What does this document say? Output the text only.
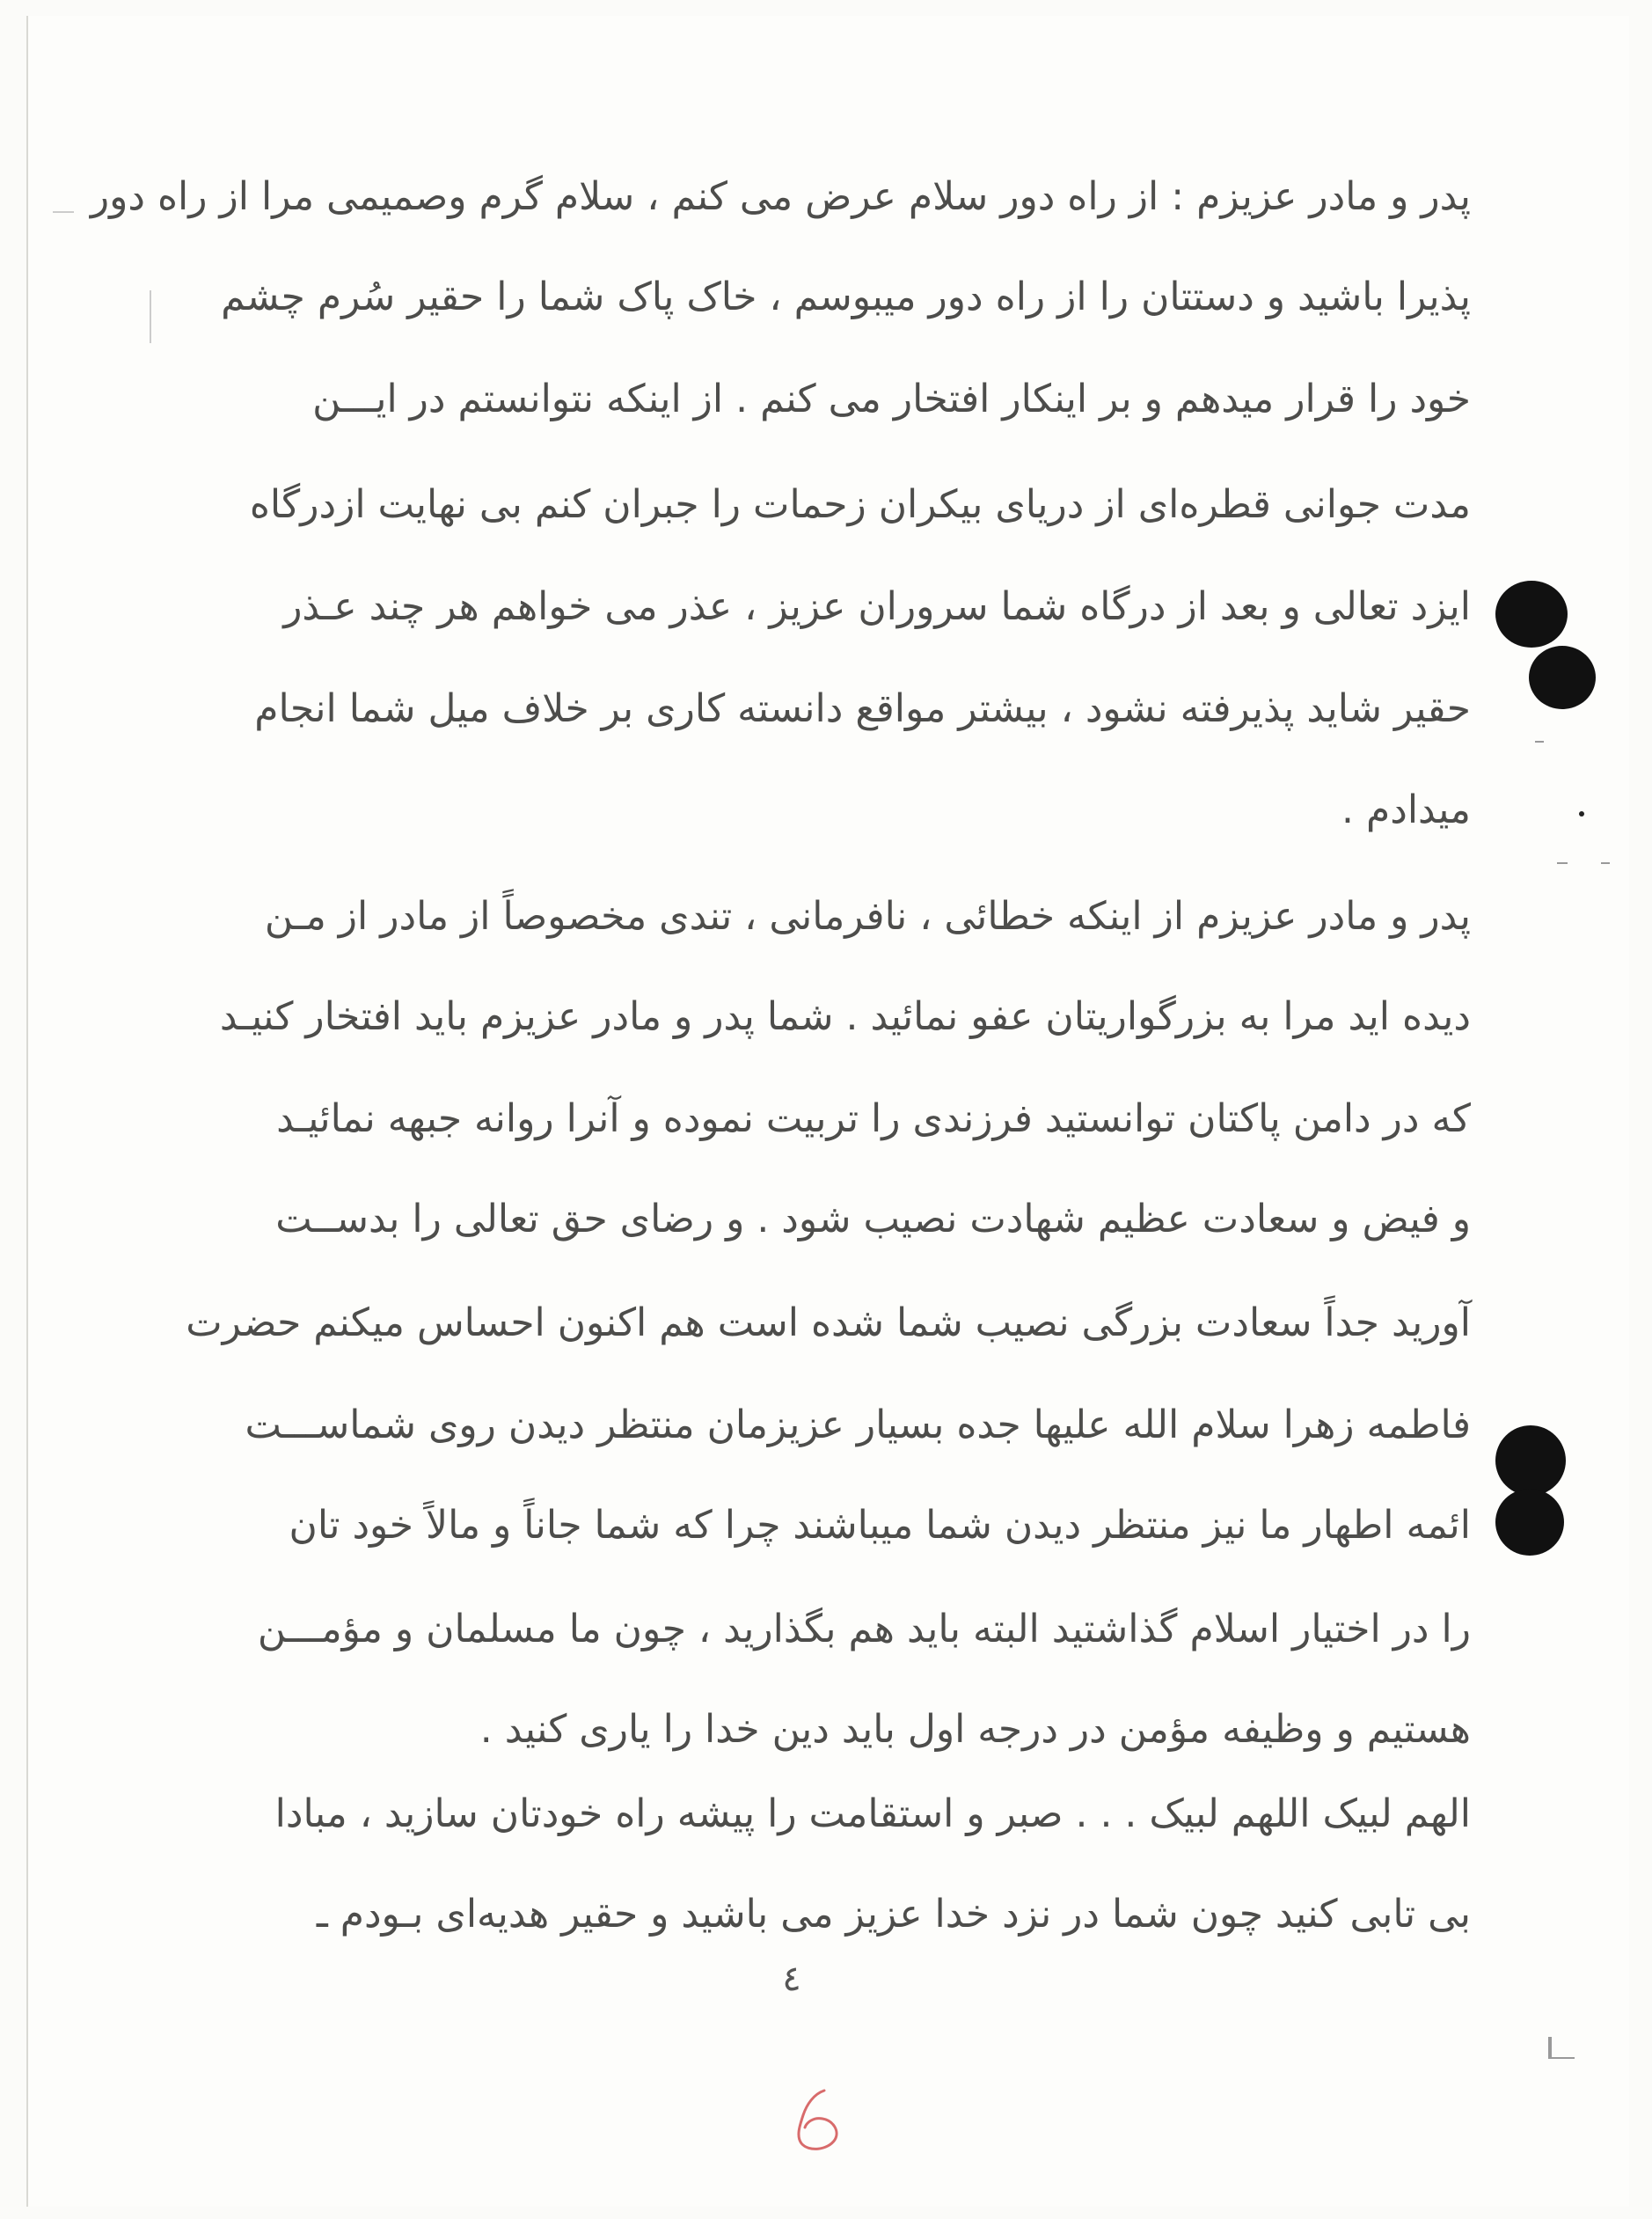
پدر و مادر عزیزم : از راه دور سلام عرض می کنم ، سلام گرم وصمیمی مرا از راه دور
پذیرا باشید و دستتان را از راه دور میبوسم ، خاک پاک شما را حقیر سُرم چشم
خود را قرار میدهم و بر اینکار افتخار می کنم . از اینکه نتوانستم در ایـــن
مدت جوانی قطره‌ای از دریای بیکران زحمات را جبران کنم بی نهایت ازدرگاه
ایزد تعالی و بعد از درگاه شما سروران عزیز ، عذر می خواهم هر چند عـذر
حقیر شاید پذیرفته نشود ، بیشتر مواقع دانسته کاری بر خلاف میل شما انجام
میدادم .
پدر و مادر عزیزم از اینکه خطائی ، نافرمانی ، تندی مخصوصاً از مادر از مـن
دیده اید مرا به بزرگواریتان عفو نمائید . شما پدر و مادر عزیزم باید افتخار کنیـد
که در دامن پاکتان توانستید فرزندی را تربیت نموده و آنرا روانه جبهه نمائیـد
و فیض و سعادت عظیم شهادت نصیب شود . و رضای حق تعالی را بدســت
آورید جداً سعادت بزرگی نصیب شما شده است هم اکنون احساس میکنم حضرت
فاطمه زهرا سلام الله علیها جده بسیار عزیزمان منتظر دیدن روی شماســـت
ائمه اطهار ما نیز منتظر دیدن شما میباشند چرا که شما جاناً و مالاً خود تان
را در اختیار اسلام گذاشتید البته باید هم بگذارید ، چون ما مسلمان و مؤمـــن
هستیم و وظیفه مؤمن در درجه اول باید دین خدا را یاری کنید .
الهم لبیک اللهم لبیک . . . صبر و استقامت را پیشه راه خودتان سازید ، مبادا
بی تابی کنید چون شما در نزد خدا عزیز می باشید و حقیر هدیه‌ای بـودم ـ
٤
